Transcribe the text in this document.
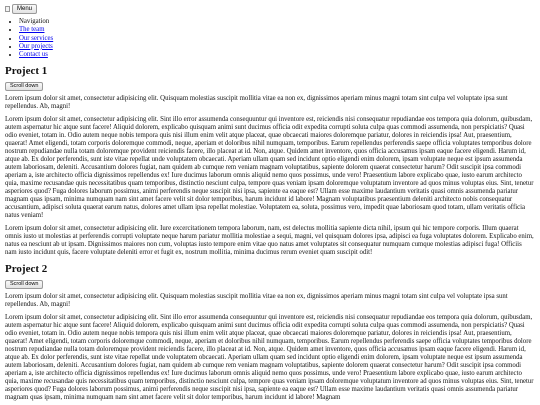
Menu
• Navigation
• The team
• Our services
• Our projects
• Contact us
Project 1
Scroll down

Lorem ipsum dolor sit amet, consectetur adipisicing elit. Quisquam molestias suscipit mollitia vitae ea non ex, dignissimos aperiam minus magni totam sint culpa vel voluptate ipsa sunt repellendus. Ab, magni!

Lorem ipsum dolor sit amet, consectetur adipisicing elit. Sint illo error assumenda consequuntur qui inventore est, reiciendis nisi consequatur repudiandae eos tempora quia dolorum, quibusdam, autem aspernatur hic atque sunt facere! Aliquid dolorem, explicabo quisquam animi sunt ducimus officia odit expedita corrupti soluta culpa quas commodi assumenda, non perspiciatis? Quasi odio eveniet, totam in. Odio autem neque nobis tempora quis nisi illum enim velit atque placeat, quae obcaecati maiores doloremque pariatur, dolores in reiciendis ipsa! Aut, praesentium, quaerat! Amet eligendi, totam corporis doloremque commodi, neque, aperiam et doloribus nihil numquam, temporibus. Earum repellendus perferendis saepe officia voluptates temporibus dolore nostrum repudiandae nulla totam doloremque provident reiciendis facere, illo placeat at id. Non, atque. Quidem amet inventore, quos officia accusamus ipsam eaque facere eligendi. Harum id, atque ab. Ex dolor perferendis, sunt iste vitae repellat unde voluptatem obcaecati. Aperiam ullam quam sed incidunt optio eligendi enim dolorem, ipsam voluptate neque est ipsum assumenda autem laboriosam, deleniti. Accusantium dolores fugiat, nam quidem ab cumque rem veniam magnam voluptatibus, sapiente dolorem quaerat consectetur harum? Odit suscipit ipsa commodi aperiam a, iste architecto officia dignissimos repellendus ex! Iure ducimus laborum omnis aliquid nemo quos possimus, unde vero! Praesentium labore explicabo quae, iusto earum architecto quia, maxime recusandae quis necessitatibus quam temporibus, distinctio nesciunt culpa, tempore quas veniam ipsam doloremque voluptatum inventore ad quos minus voluptas eius. Sint, tenetur asperiores quod? Fuga dolores laborum possimus, animi perferendis neque suscipit nisi ipsa, sapiente ea eaque est? Ullam esse maxime laudantium veritatis quasi omnis assumenda pariatur magnam quas ipsam, minima numquam nam sint amet facere velit sit dolor temporibus, harum incidunt id labore! Magnam voluptatibus praesentium deleniti architecto nobis consequatur accusantium, adipisci soluta quaerat earum natus, dolores amet ullam ipsa repellat molestiae. Voluptatem ea, soluta, possimus vero, impedit quae laboriosam quod totam, ullam veritatis officia natus veniam!

Lorem ipsum dolor sit amet, consectetur adipisicing elit. Iure excercitationem tempora laborum, nam, est delectus mollitia sapiente dicta nihil, ipsum qui hic tempore corporis. Illum quaerat omnis iusto ut molestias at perferendis corrupti voluptate neque harum pariatur mollitia molestiae a sequi, magni, vel quisquam dolores ipsa, adipisci ea fuga voluptates dolorem. Explicabo enim, natus ea nesciunt ab ut ipsam. Dignissimos maiores non cum, voluptas iusto tempore enim vitae quo natus amet voluptates sit consequatur numquam cumque molestias adipisci fuga! Officiis nam iusto incidunt quis, facere voluptate deleniti error et fugit ex, nostrum mollitia, minima ducimus rerum eveniet quam suscipit odit!

Project 2
Scroll down

Lorem ipsum dolor sit amet, consectetur adipisicing elit. Quisquam molestias suscipit mollitia vitae ea non ex, dignissimos aperiam minus magni totam sint culpa vel voluptate ipsa sunt repellendus. Ab, magni!

Lorem ipsum dolor sit amet, consectetur adipisicing elit. Sint illo error assumenda consequuntur qui inventore est, reiciendis nisi consequatur repudiandae eos tempora quia dolorum, quibusdam, autem aspernatur hic atque sunt facere! Aliquid dolorem, explicabo quisquam animi sunt ducimus officia odit expedita corrupti soluta culpa quas commodi assumenda, non perspiciatis? Quasi odio eveniet, totam in. Odio autem neque nobis tempora quis nisi illum enim velit atque placeat, quae obcaecati maiores doloremque pariatur, dolores in reiciendis ipsa! Aut, praesentium, quaerat! Amet eligendi, totam corporis doloremque commodi, neque, aperiam et doloribus nihil numquam, temporibus. Earum repellendus perferendis saepe officia voluptates temporibus dolore nostrum repudiandae nulla totam doloremque provident reiciendis facere, illo placeat at id. Non, atque. Quidem amet inventore, quos officia accusamus ipsam eaque facere eligendi. Harum id, atque ab. Ex dolor perferendis, sunt iste vitae repellat unde voluptatem obcaecati. Aperiam ullam quam sed incidunt optio eligendi enim dolorem, ipsam voluptate neque est ipsum assumenda autem laboriosam, deleniti. Accusantium dolores fugiat, nam quidem ab cumque rem veniam magnam voluptatibus, sapiente dolorem quaerat consectetur harum? Odit suscipit ipsa commodi aperiam a, iste architecto officia dignissimos repellendus ex! Iure ducimus laborum omnis aliquid nemo quos possimus, unde vero! Praesentium labore explicabo quae, iusto earum architecto quia, maxime recusandae quis necessitatibus quam temporibus, distinctio nesciunt culpa, tempore quas veniam ipsam doloremque voluptatum inventore ad quos minus voluptas eius. Sint, tenetur asperiores quod? Fuga dolores laborum possimus, animi perferendis neque suscipit nisi ipsa, sapiente ea eaque est? Ullam esse maxime laudantium veritatis quasi omnis assumenda pariatur magnam quas ipsam, minima numquam nam sint amet facere velit sit dolor temporibus, harum incidunt id labore! Magnam
